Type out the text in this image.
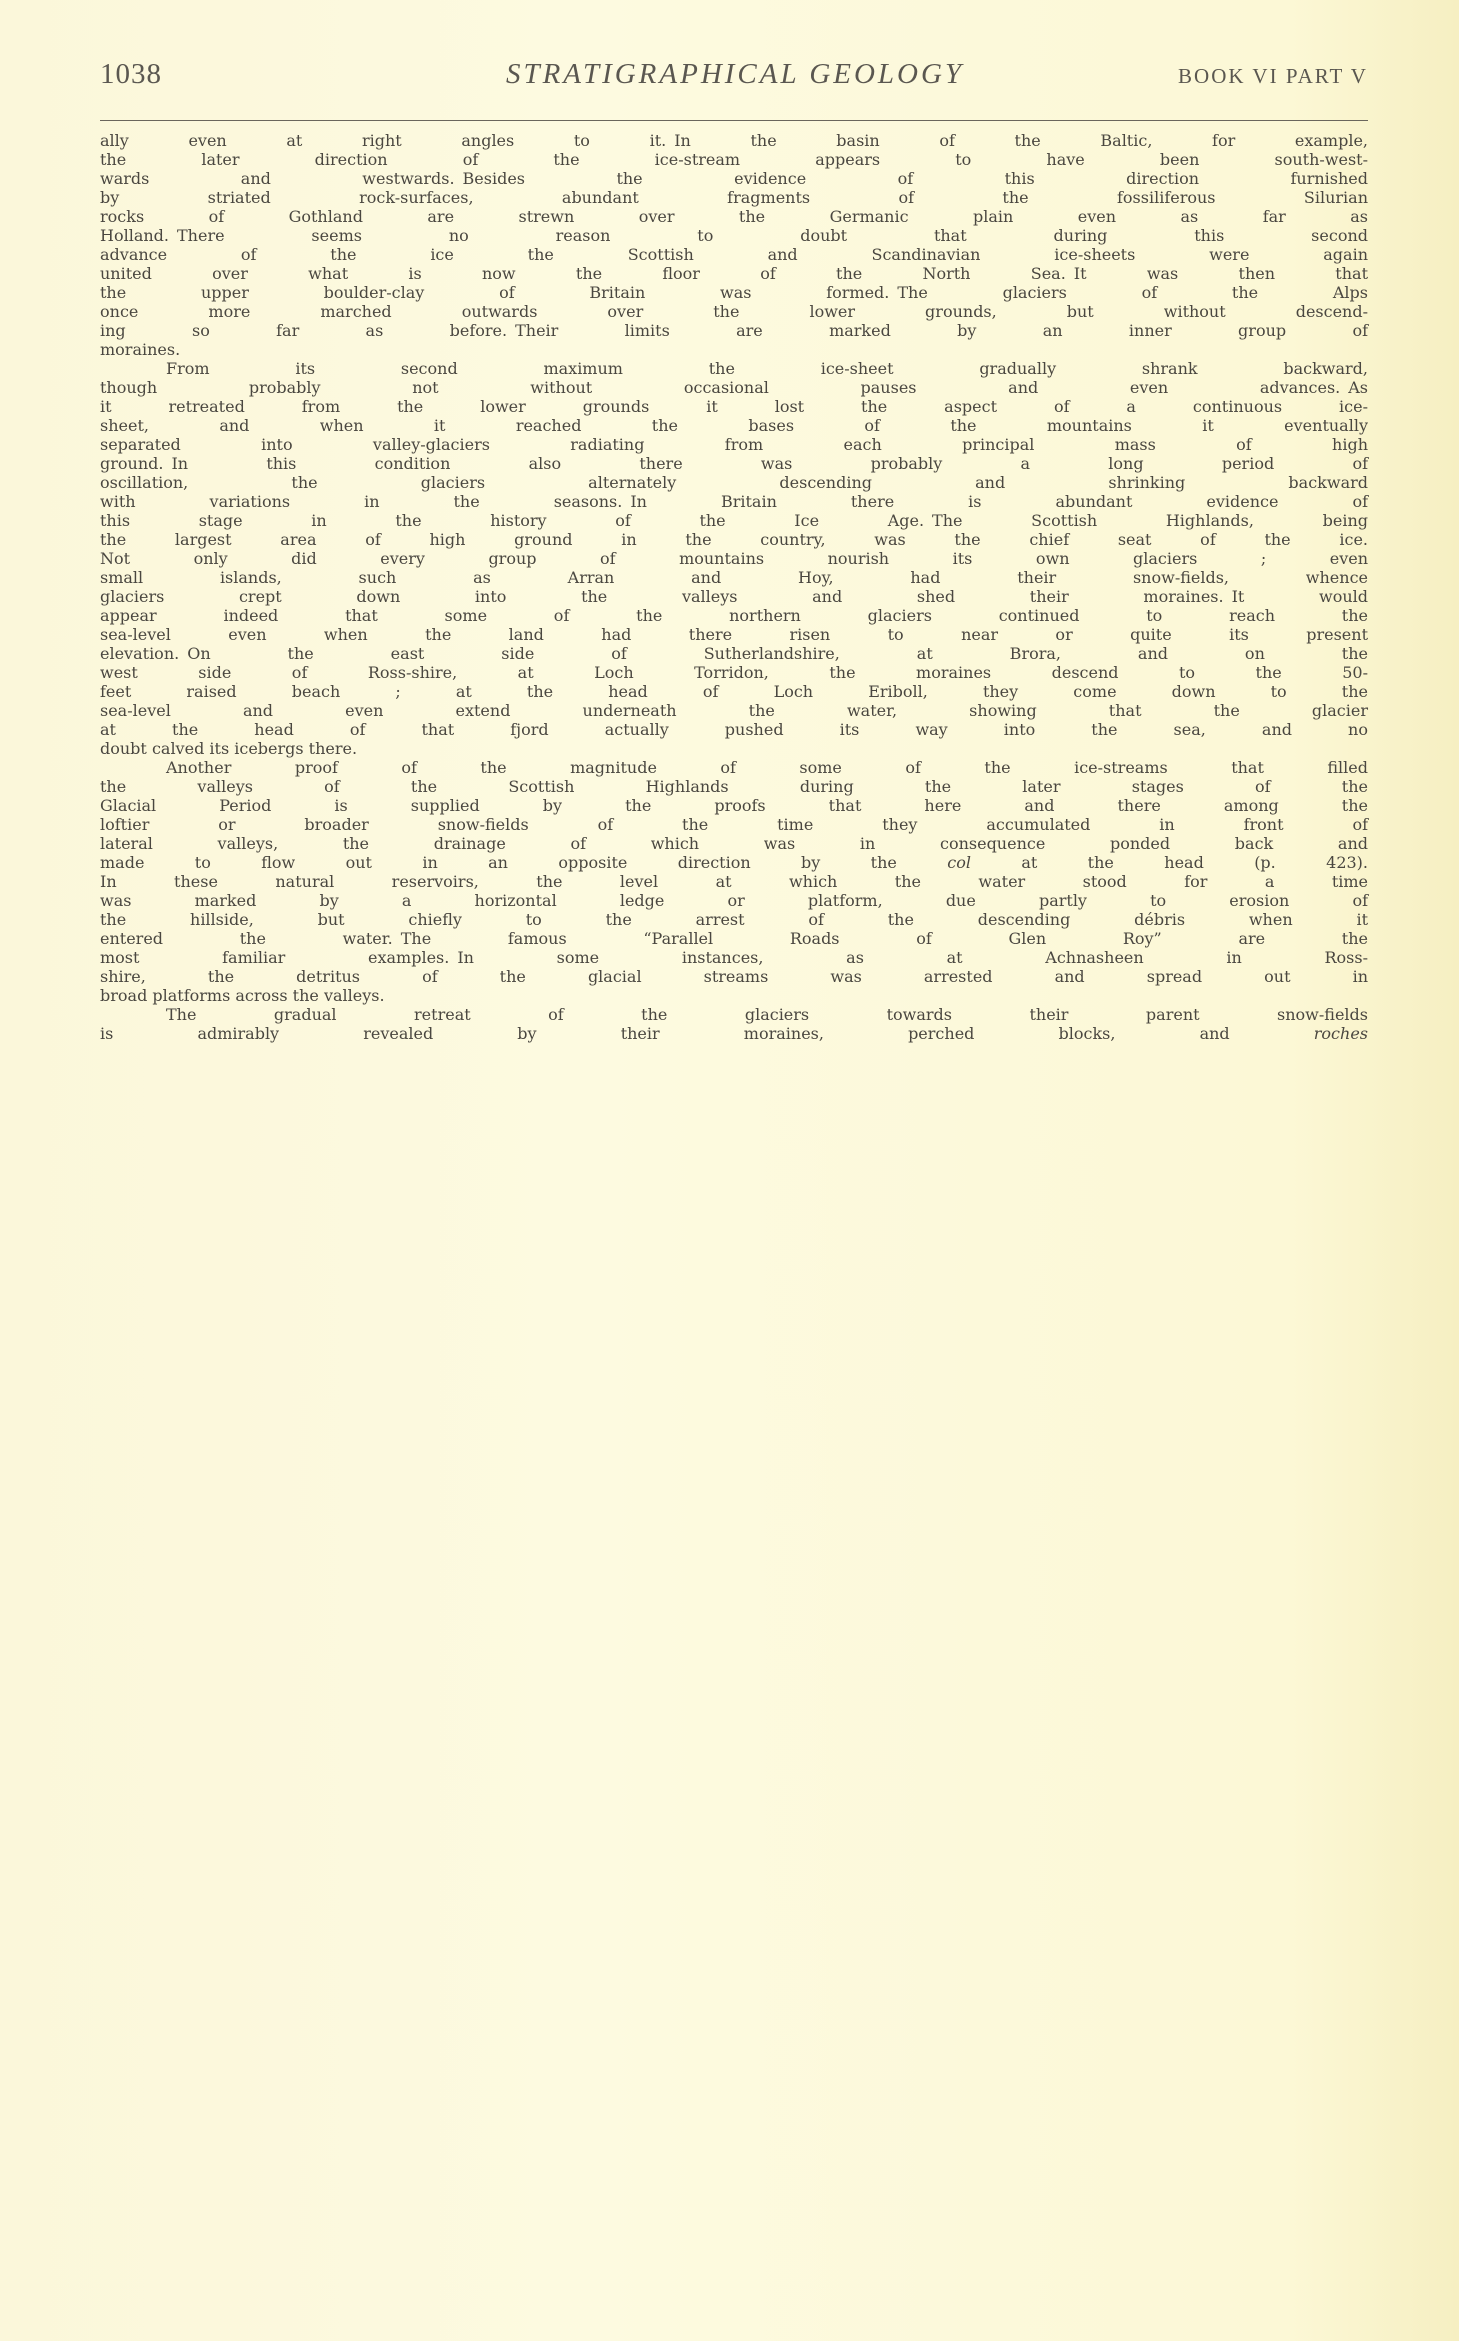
1038	STRATIGRAPHICAL GEOLOGY	BOOK VI PART V
ally even at right angles to it. In the basin of the Baltic, for example,
the later direction of the ice-stream appears to have been south-west-
wards and westwards. Besides the evidence of this direction furnished
by striated rock-surfaces, abundant fragments of the fossiliferous Silurian
rocks of Gothland are strewn over the Germanic plain even as far as
Holland. There seems no reason to doubt that during this second
advance of the ice the Scottish and Scandinavian ice-sheets were again
united over what is now the floor of the North Sea. It was then that
the upper boulder-clay of Britain was formed. The glaciers of the Alps
once more marched outwards over the lower grounds, but without descend-
ing so far as before. Their limits are marked by an inner group of
moraines.
From its second maximum the ice-sheet gradually shrank backward,
though probably not without occasional pauses and even advances. As
it retreated from the lower grounds it lost the aspect of a continuous ice-
sheet, and when it reached the bases of the mountains it eventually
separated into valley-glaciers radiating from each principal mass of high
ground. In this condition also there was probably a long period of
oscillation, the glaciers alternately descending and shrinking backward
with variations in the seasons. In Britain there is abundant evidence of
this stage in the history of the Ice Age. The Scottish Highlands, being
the largest area of high ground in the country, was the chief seat of the ice.
Not only did every group of mountains nourish its own glaciers ; even
small islands, such as Arran and Hoy, had their snow-fields, whence
glaciers crept down into the valleys and shed their moraines. It would
appear indeed that some of the northern glaciers continued to reach the
sea-level even when the land had there risen to near or quite its present
elevation. On the east side of Sutherlandshire, at Brora, and on the
west side of Ross-shire, at Loch Torridon, the moraines descend to the 50-
feet raised beach ; at the head of Loch Eriboll, they come down to the
sea-level and even extend underneath the water, showing that the glacier
at the head of that fjord actually pushed its way into the sea, and no
doubt calved its icebergs there.
Another proof of the magnitude of some of the ice-streams that filled
the valleys of the Scottish Highlands during the later stages of the
Glacial Period is supplied by the proofs that here and there among the
loftier or broader snow-fields of the time they accumulated in front of
lateral valleys, the drainage of which was in consequence ponded back and
made to flow out in an opposite direction by the col at the head (p. 423).
In these natural reservoirs, the level at which the water stood for a time
was marked by a horizontal ledge or platform, due partly to erosion of
the hillside, but chiefly to the arrest of the descending débris when it
entered the water. The famous “Parallel Roads of Glen Roy” are the
most familiar examples. In some instances, as at Achnasheen in Ross-
shire, the detritus of the glacial streams was arrested and spread out in
broad platforms across the valleys.
The gradual retreat of the glaciers towards their parent snow-fields
is admirably revealed by their moraines, perched blocks, and roches
